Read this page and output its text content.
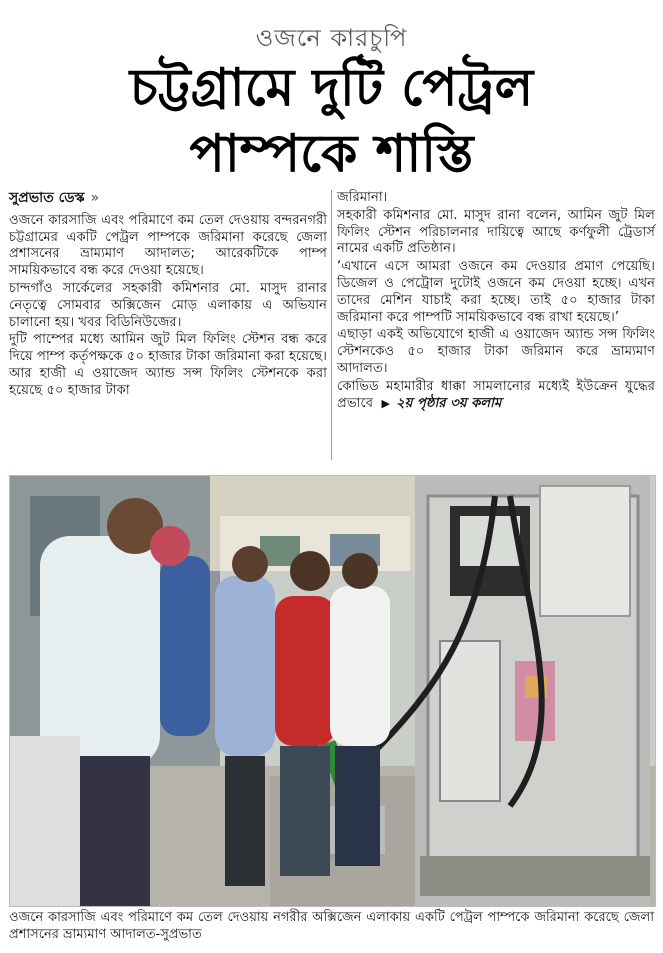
ওজনে কারচুপি
চট্টগ্রামে দুটি পেট্রল
পাম্পকে শাস্তি
সুপ্রভাত ডেস্ক »

ওজনে কারসাজি এবং পরিমাণে কম তেল দেওয়ায় বন্দরনগরী চট্টগ্রামের একটি পেট্রল পাম্পকে জরিমানা করেছে জেলা প্রশাসনের ভ্রাম্যমাণ আদালত; আরেকটিকে পাম্প সাময়িকভাবে বন্ধ করে দেওয়া হয়েছে।

চান্দগাঁও সার্কেলের সহকারী কমিশনার মো. মাসুদ রানার নেতৃত্বে সোমবার অক্সিজেন মোড় এলাকায় এ অভিযান চালানো হয়। খবর বিডিনিউজের।

দুটি পাম্পের মধ্যে আমিন জুট মিল ফিলিং স্টেশন বন্ধ করে দিয়ে পাম্প কর্তৃপক্ষকে ৫০ হাজার টাকা জরিমানা করা হয়েছে। আর হাজী এ ওয়াজেদ অ্যান্ড সন্স ফিলিং স্টেশনকে করা হয়েছে ৫০ হাজার টাকা

জরিমানা।

সহকারী কমিশনার মো. মাসুদ রানা বলেন, আমিন জুট মিল ফিলিং স্টেশন পরিচালনার দায়িত্বে আছে কর্ণফুলী ট্রেডার্স নামের একটি প্রতিষ্ঠান।

‘এখানে এসে আমরা ওজনে কম দেওয়ার প্রমাণ পেয়েছি। ডিজেল ও পেট্রোল দুটোই ওজনে কম দেওয়া হচ্ছে। এখন তাদের মেশিন যাচাই করা হচ্ছে। তাই ৫০ হাজার টাকা জরিমানা করে পাম্পটি সাময়িকভাবে বন্ধ রাখা হয়েছে।’

এছাড়া একই অভিযোগে হাজী এ ওয়াজেদ অ্যান্ড সন্স ফিলিং স্টেশনকেও ৫০ হাজার টাকা জরিমান করে ভ্রাম্যমাণ আদালত।

কোভিড মহামারীর ধাক্কা সামলানোর মধ্যেই ইউক্রেন যুদ্ধের প্রভাবে ▶ ২য় পৃষ্ঠার ৩য় কলাম

ওজনে কারসাজি এবং পরিমাণে কম তেল দেওয়ায় নগরীর অক্সিজেন এলাকায় একটি পেট্রল পাম্পকে জরিমানা করেছে জেলা প্রশাসনের ভ্রাম্যমাণ আদালত-সুপ্রভাত
